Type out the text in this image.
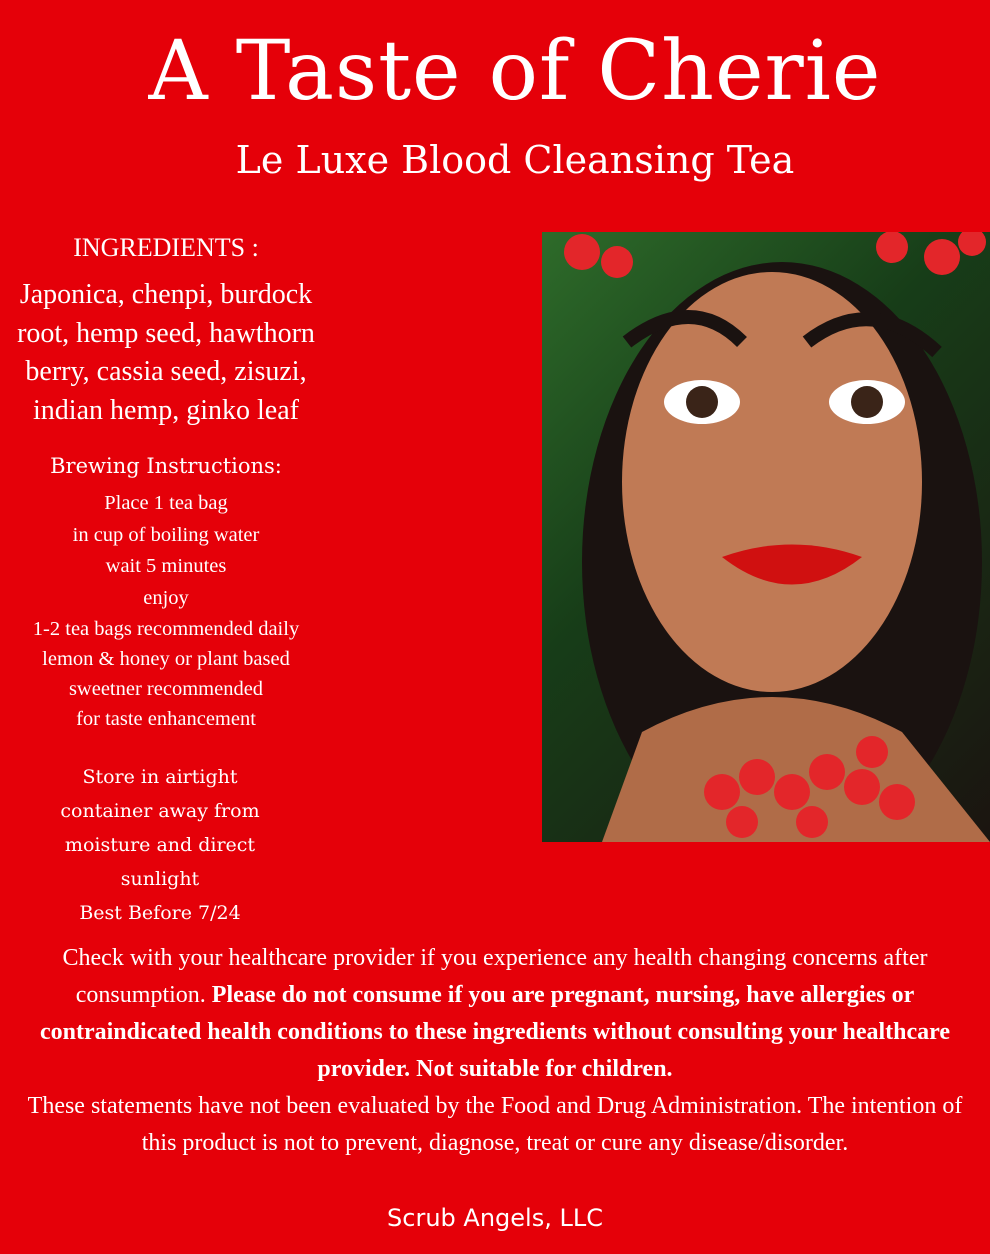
A Taste of Cherie
Le Luxe Blood Cleansing Tea
INGREDIENTS :
Japonica, chenpi, burdock
root, hemp seed, hawthorn
berry, cassia seed, zisuzi,
indian hemp, ginko leaf
Brewing Instructions:
Place 1 tea bag
in cup of boiling water
wait 5 minutes
enjoy
1-2 tea bags recommended daily
lemon & honey or plant based
sweetner recommended
for taste enhancement
Store in airtight
container away from
moisture and direct
sunlight
Best Before 7/24
Check with your healthcare provider if you experience any health changing concerns after consumption. Please do not consume if you are pregnant, nursing, have allergies or contraindicated health conditions to these ingredients without consulting your healthcare provider. Not suitable for children.
These statements have not been evaluated by the Food and Drug Administration. The intention of this product is not to prevent, diagnose, treat or cure any disease/disorder.
Scrub Angels, LLC
